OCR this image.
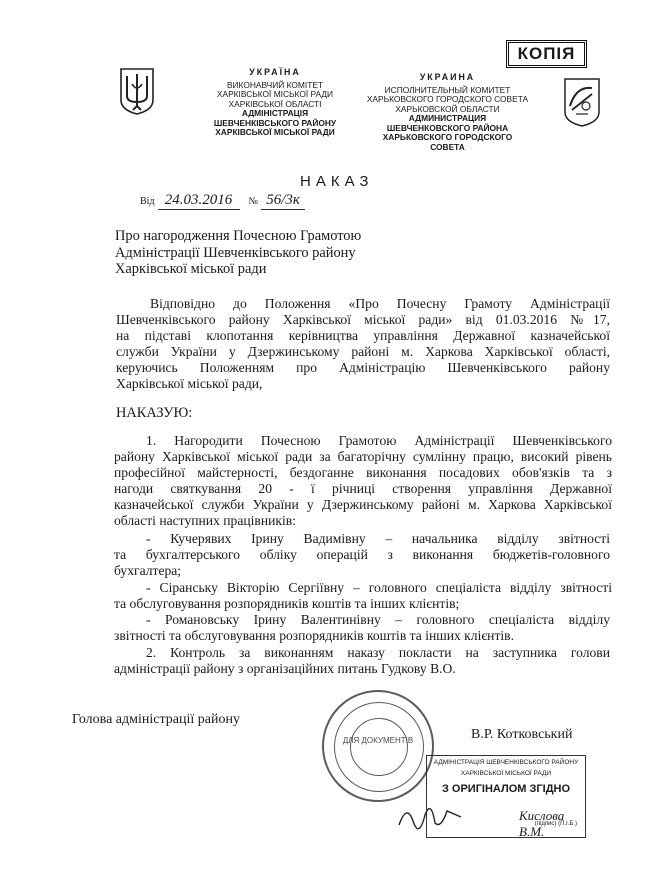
КОПІЯ
УКРАЇНА
ВИКОНАВЧИЙ КОМІТЕТ
ХАРКІВСЬКОЇ МІСЬКОЇ РАДИ
ХАРКІВСЬКОЇ ОБЛАСТІ
АДМІНІСТРАЦІЯ
ШЕВЧЕНКІВСЬКОГО РАЙОНУ
ХАРКІВСЬКОЇ МІСЬКОЇ РАДИ
УКРАИНА
ИСПОЛНИТЕЛЬНЫЙ КОМИТЕТ
ХАРЬКОВСКОГО ГОРОДСКОГО СОВЕТА
ХАРЬКОВСКОЙ ОБЛАСТИ
АДМИНИСТРАЦИЯ
ШЕВЧЕНКОВСКОГО РАЙОНА
ХАРЬКОВСКОГО ГОРОДСКОГО СОВЕТА
НАКАЗ
Від 24.03.2016 № 56/3к
Про нагородження Почесною Грамотою
Адміністрації Шевченківського району
Харківської міської ради
Відповідно до Положення «Про Почесну Грамоту Адміністрації
Шевченківського району Харківської міської ради» від 01.03.2016 №17,
на підставі клопотання керівництва управління Державної казначейської
служби України у Дзержинському районі м. Харкова Харківської області,
керуючись Положенням про Адміністрацію Шевченківського району
Харківської міської ради,
НАКАЗУЮ:
1. Нагородити Почесною Грамотою Адміністрації Шевченківського
району Харківської міської ради за багаторічну сумлінну працю, високий рівень
професійної майстерності, бездоганне виконання посадових обов'язків та з
нагоди святкування 20 - ї річниці створення управління Державної
казначейської служби України у Дзержинському районі м. Харкова Харківської
області наступних працівників:
- Кучерявих Ірину Вадимівну – начальника відділу звітності
та бухгалтерського обліку операцій з виконання бюджетів-головного
бухгалтера;
- Сіранську Вікторію Сергіївну – головного спеціаліста відділу звітності
та обслуговування розпорядників коштів та інших клієнтів;
- Романовську Ірину Валентинівну – головного спеціаліста відділу
звітності та обслуговування розпорядників коштів та інших клієнтів.
2. Контроль за виконанням наказу покласти на заступника голови
адміністрації району з організаційних питань Гудкову В.О.
Голова адміністрації району
В.Р. Котковський
ДЛЯ ДОКУМЕНТІВ
АДМІНІСТРАЦІЯ ШЕВЧЕНКІВСЬКОГО РАЙОНУ
ХАРКІВСЬКОЇ МІСЬКОЇ РАДИ
З ОРИГІНАЛОМ ЗГІДНО
Кислова В.М.
(підпис) (П.І.Б.)
